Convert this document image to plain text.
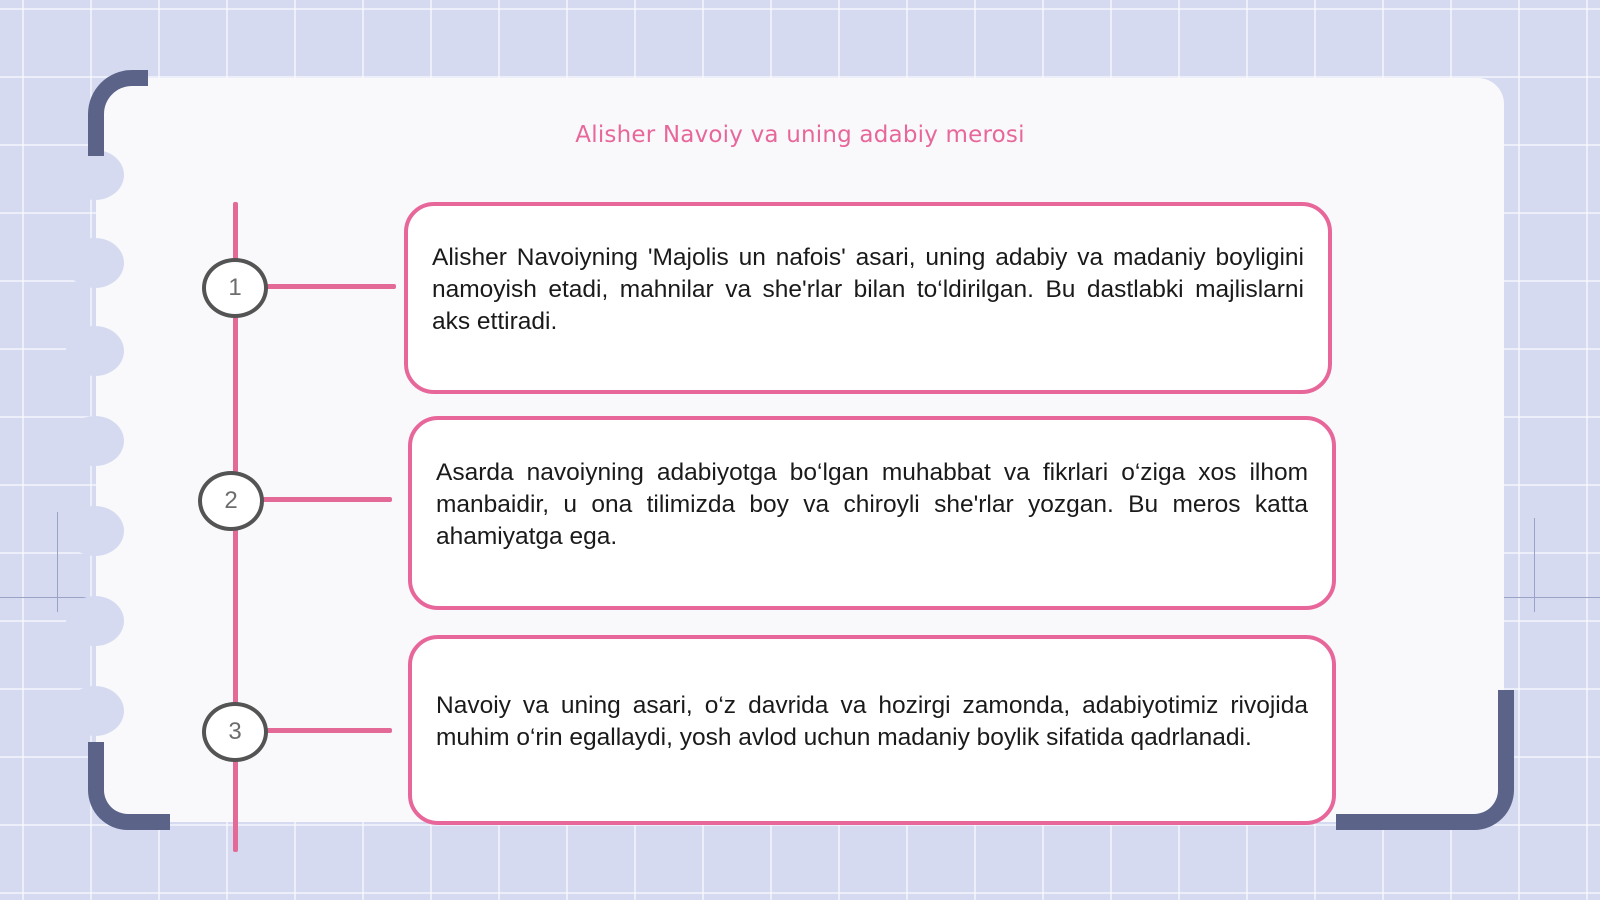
Alisher Navoiy va uning adabiy merosi
1
Alisher Navoiyning 'Majolis un nafois' asari, uning adabiy va madaniy boyligini namoyish etadi, mahnilar va she'rlar bilan to‘ldirilgan. Bu dastlabki majlislarni aks ettiradi.
2
Asarda navoiyning adabiyotga bo‘lgan muhabbat va fikrlari o‘ziga xos ilhom manbaidir, u ona tilimizda boy va chiroyli she'rlar yozgan. Bu meros katta ahamiyatga ega.
3
Navoiy va uning asari, o‘z davrida va hozirgi zamonda, adabiyotimiz rivojida muhim o‘rin egallaydi, yosh avlod uchun madaniy boylik sifatida qadrlanadi.
